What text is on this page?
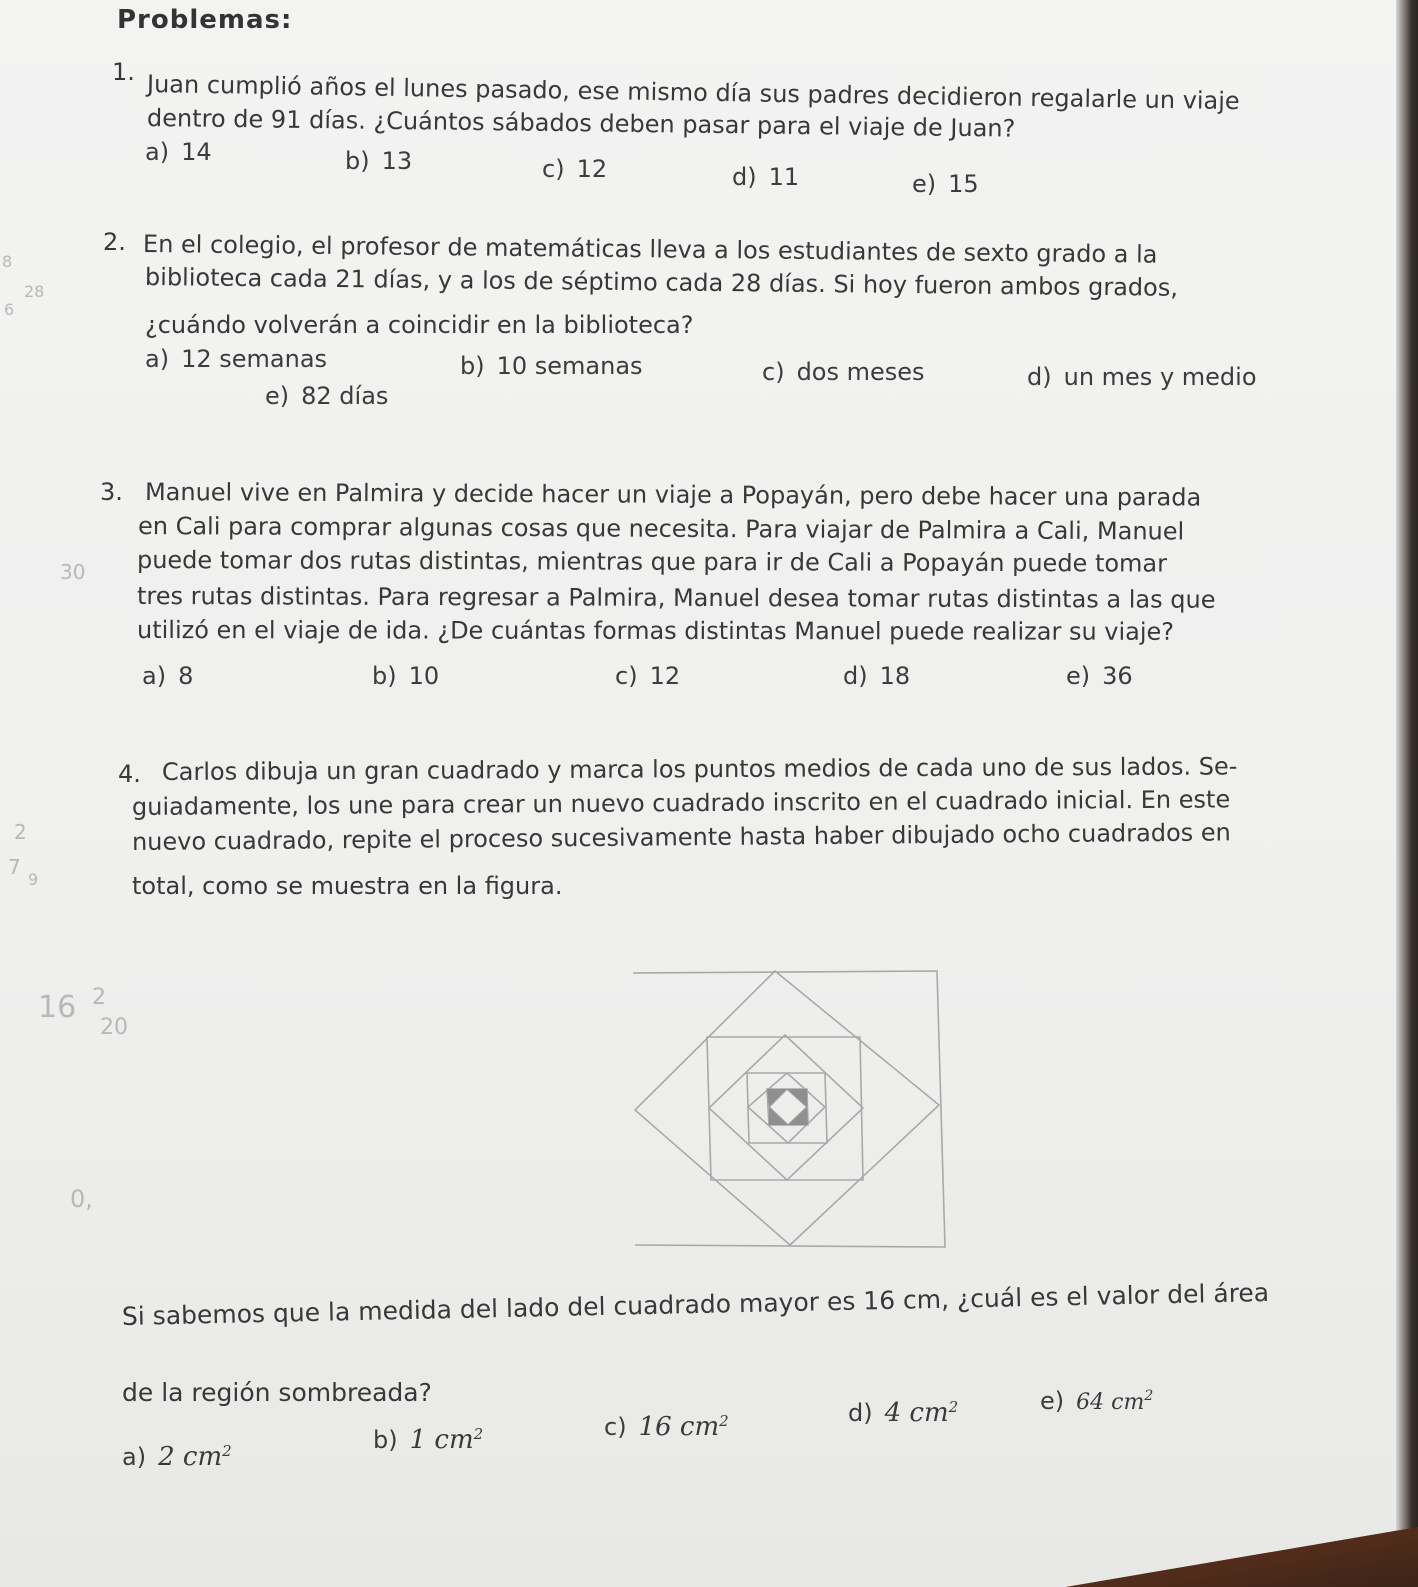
Problemas:
1. Juan cumplió años el lunes pasado, ese mismo día sus padres decidieron regalarle un viaje
dentro de 91 días. ¿Cuántos sábados deben pasar para el viaje de Juan?
a) 14	b) 13	c) 12	d) 11	e) 15
2. En el colegio, el profesor de matemáticas lleva a los estudiantes de sexto grado a la
biblioteca cada 21 días, y a los de séptimo cada 28 días. Si hoy fueron ambos grados,
¿cuándo volverán a coincidir en la biblioteca?
a) 12 semanas	b) 10 semanas	c) dos meses	d) un mes y medio
e) 82 días
3. Manuel vive en Palmira y decide hacer un viaje a Popayán, pero debe hacer una parada
en Cali para comprar algunas cosas que necesita. Para viajar de Palmira a Cali, Manuel
puede tomar dos rutas distintas, mientras que para ir de Cali a Popayán puede tomar
tres rutas distintas. Para regresar a Palmira, Manuel desea tomar rutas distintas a las que
utilizó en el viaje de ida. ¿De cuántas formas distintas Manuel puede realizar su viaje?
a) 8	b) 10	c) 12	d) 18	e) 36
4. Carlos dibuja un gran cuadrado y marca los puntos medios de cada uno de sus lados. Se-
guiadamente, los une para crear un nuevo cuadrado inscrito en el cuadrado inicial. En este
nuevo cuadrado, repite el proceso sucesivamente hasta haber dibujado ocho cuadrados en
total, como se muestra en la figura.
Si sabemos que la medida del lado del cuadrado mayor es 16 cm, ¿cuál es el valor del área
de la región sombreada?
a) 2 $cm^2$	b) 1 $cm^2$	c) 16 $cm^2$	d) 4 $cm^2$	e) 64 $cm^2$
8
28
6
30
2
7
9
16 2
20
0,
